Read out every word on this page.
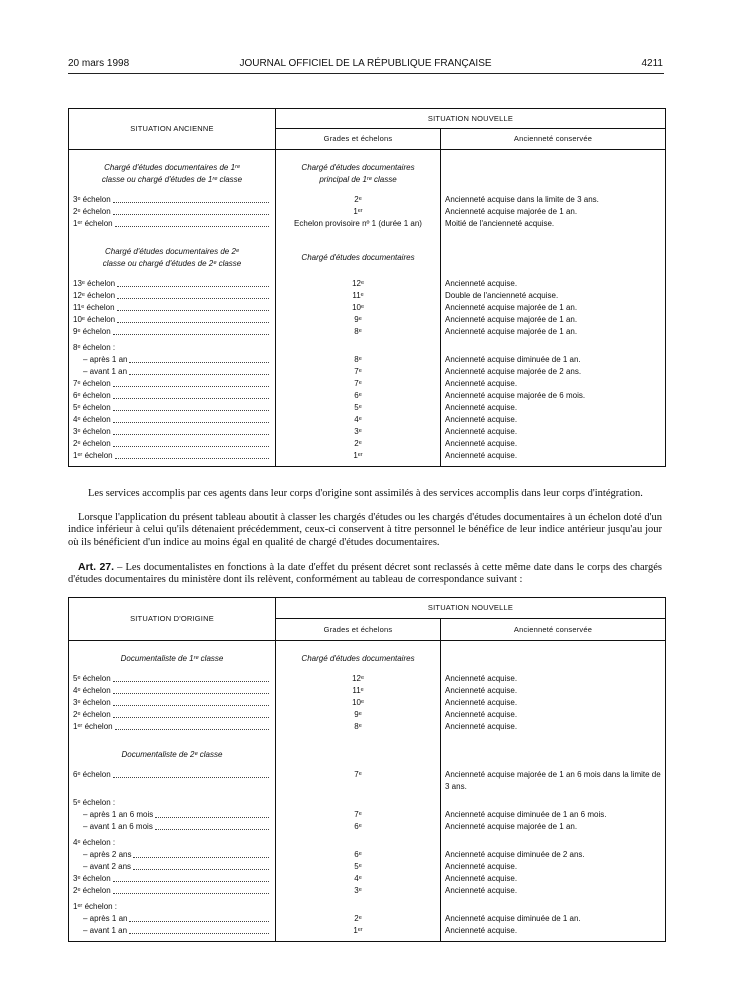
20 mars 1998	JOURNAL OFFICIEL DE LA RÉPUBLIQUE FRANÇAISE	4211
SITUATION ANCIENNE	SITUATION NOUVELLE	
	Grades et échelons	Ancienneté conservée
Chargé d'études documentaires de 1ʳᵉ classe ou chargé d'études de 1ʳᵉ classe	Chargé d'études documentaires principal de 1ʳᵉ classe	

3ᵉ échelon	2ᵉ	Ancienneté acquise dans la limite de 3 ans.

2ᵉ échelon	1ᵉʳ	Ancienneté acquise majorée de 1 an.

1ᵉʳ échelon	Echelon provisoire nº 1 (durée 1 an)	Moitié de l'ancienneté acquise.
Chargé d'études documentaires de 2ᵉ classe ou chargé d'études de 2ᵉ classe	Chargé d'études documentaires	

13ᵉ échelon	12ᵉ	Ancienneté acquise.

12ᵉ échelon	11ᵉ	Double de l'ancienneté acquise.

11ᵉ échelon	10ᵉ	Ancienneté acquise majorée de 1 an.

10ᵉ échelon	9ᵉ	Ancienneté acquise majorée de 1 an.

9ᵉ échelon	8ᵉ	Ancienneté acquise majorée de 1 an.
8ᵉ échelon :		

– après 1 an	8ᵉ	Ancienneté acquise diminuée de 1 an.

– avant 1 an	7ᵉ	Ancienneté acquise majorée de 2 ans.

7ᵉ échelon	7ᵉ	Ancienneté acquise.

6ᵉ échelon	6ᵉ	Ancienneté acquise majorée de 6 mois.

5ᵉ échelon	5ᵉ	Ancienneté acquise.

4ᵉ échelon	4ᵉ	Ancienneté acquise.

3ᵉ échelon	3ᵉ	Ancienneté acquise.

2ᵉ échelon	2ᵉ	Ancienneté acquise.

1ᵉʳ échelon	1ᵉʳ	Ancienneté acquise.
Les services accomplis par ces agents dans leur corps d'origine sont assimilés à des services accomplis dans leur corps d'intégration.
Lorsque l'application du présent tableau aboutit à classer les chargés d'études ou les chargés d'études documentaires à un échelon doté d'un indice inférieur à celui qu'ils détenaient précédemment, ceux-ci conservent à titre personnel le bénéfice de leur indice antérieur jusqu'au jour où ils bénéficient d'un indice au moins égal en qualité de chargé d'études documentaires.
Art. 27. – Les documentalistes en fonctions à la date d'effet du présent décret sont reclassés à cette même date dans le corps des chargés d'études documentaires du ministère dont ils relèvent, conformément au tableau de correspondance suivant :
SITUATION D'ORIGINE	SITUATION NOUVELLE	
	Grades et échelons	Ancienneté conservée
Documentaliste de 1ʳᵉ classe	Chargé d'études documentaires	

5ᵉ échelon	12ᵉ	Ancienneté acquise.

4ᵉ échelon	11ᵉ	Ancienneté acquise.

3ᵉ échelon	10ᵉ	Ancienneté acquise.

2ᵉ échelon	9ᵉ	Ancienneté acquise.

1ᵉʳ échelon	8ᵉ	Ancienneté acquise.
Documentaliste de 2ᵉ classe		

6ᵉ échelon	7ᵉ	Ancienneté acquise majorée de 1 an 6 mois dans la limite de 3 ans.
5ᵉ échelon :		

– après 1 an 6 mois	7ᵉ	Ancienneté acquise diminuée de 1 an 6 mois.

– avant 1 an 6 mois	6ᵉ	Ancienneté acquise majorée de 1 an.
4ᵉ échelon :		

– après 2 ans	6ᵉ	Ancienneté acquise diminuée de 2 ans.

– avant 2 ans	5ᵉ	Ancienneté acquise.

3ᵉ échelon	4ᵉ	Ancienneté acquise.

2ᵉ échelon	3ᵉ	Ancienneté acquise.
1ᵉʳ échelon :		

– après 1 an	2ᵉ	Ancienneté acquise diminuée de 1 an.

– avant 1 an	1ᵉʳ	Ancienneté acquise.
